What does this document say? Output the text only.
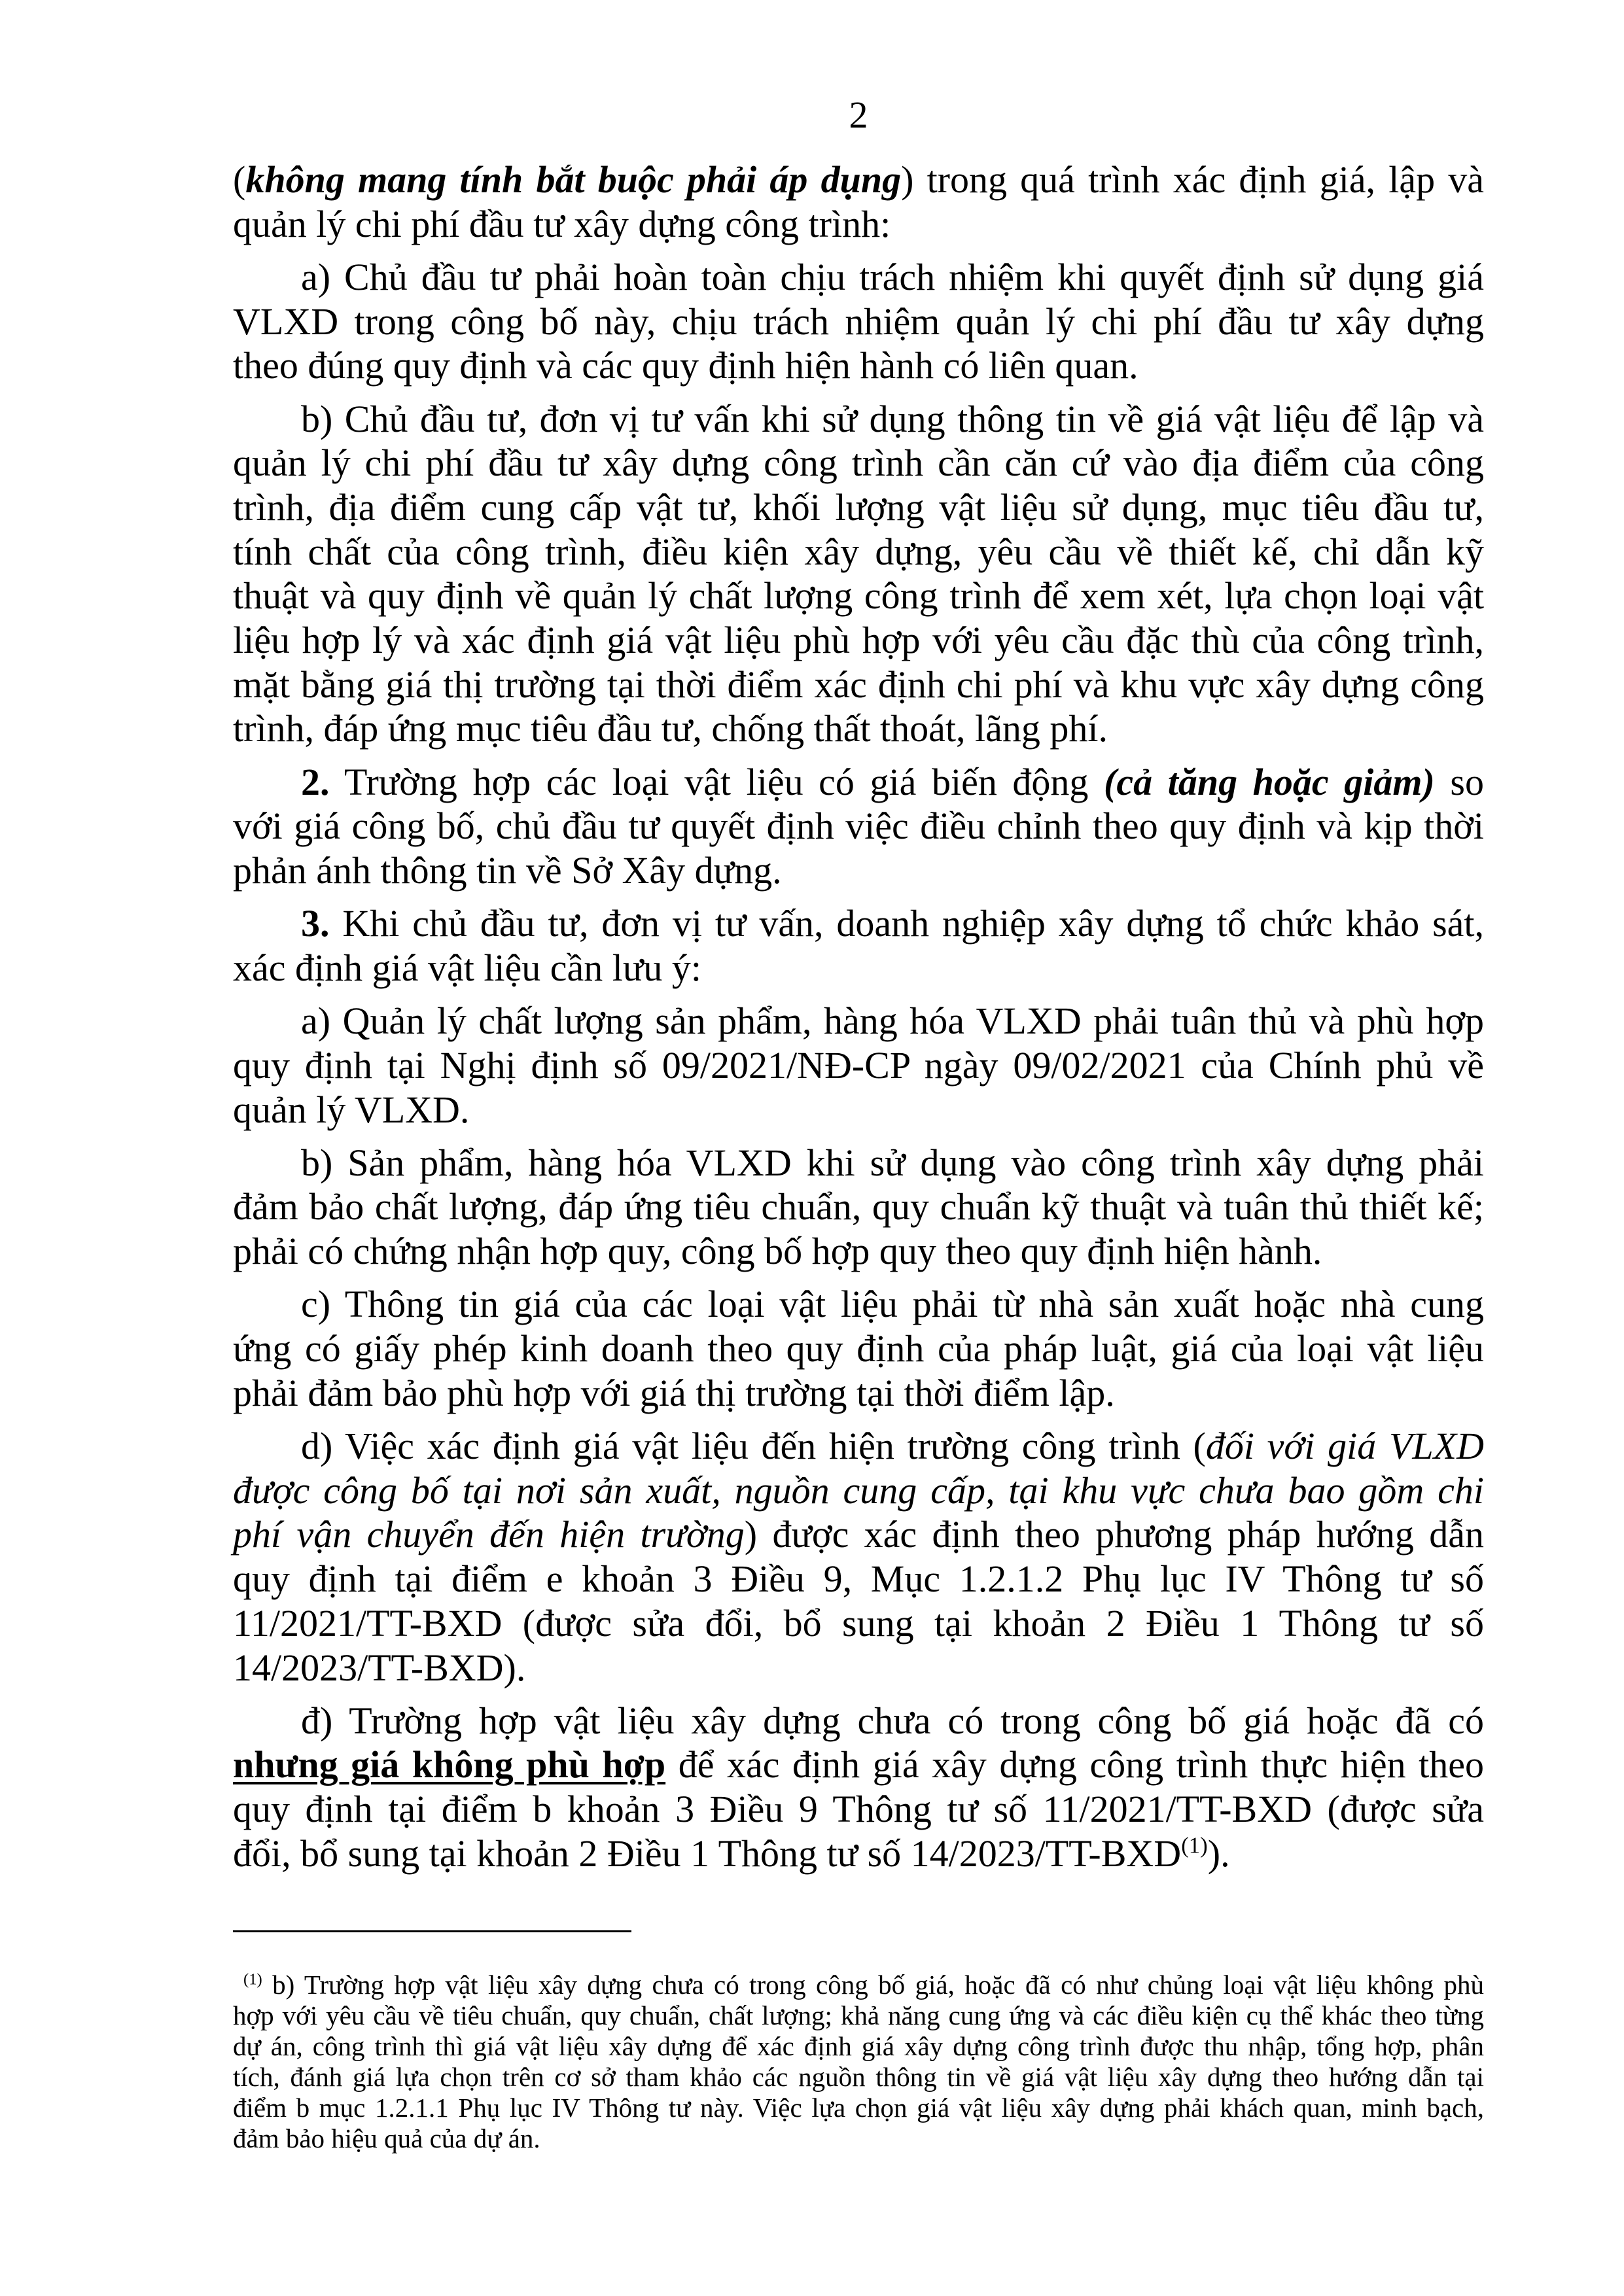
2
(không mang tính bắt buộc phải áp dụng) trong quá trình xác định giá, lập và
quản lý chi phí đầu tư xây dựng công trình:
a) Chủ đầu tư phải hoàn toàn chịu trách nhiệm khi quyết định sử dụng giá
VLXD trong công bố này, chịu trách nhiệm quản lý chi phí đầu tư xây dựng
theo đúng quy định và các quy định hiện hành có liên quan.
b) Chủ đầu tư, đơn vị tư vấn khi sử dụng thông tin về giá vật liệu để lập và
quản lý chi phí đầu tư xây dựng công trình cần căn cứ vào địa điểm của công
trình, địa điểm cung cấp vật tư, khối lượng vật liệu sử dụng, mục tiêu đầu tư,
tính chất của công trình, điều kiện xây dựng, yêu cầu về thiết kế, chỉ dẫn kỹ
thuật và quy định về quản lý chất lượng công trình để xem xét, lựa chọn loại vật
liệu hợp lý và xác định giá vật liệu phù hợp với yêu cầu đặc thù của công trình,
mặt bằng giá thị trường tại thời điểm xác định chi phí và khu vực xây dựng công
trình, đáp ứng mục tiêu đầu tư, chống thất thoát, lãng phí.
2. Trường hợp các loại vật liệu có giá biến động (cả tăng hoặc giảm) so
với giá công bố, chủ đầu tư quyết định việc điều chỉnh theo quy định và kịp thời
phản ánh thông tin về Sở Xây dựng.
3. Khi chủ đầu tư, đơn vị tư vấn, doanh nghiệp xây dựng tổ chức khảo sát,
xác định giá vật liệu cần lưu ý:
a) Quản lý chất lượng sản phẩm, hàng hóa VLXD phải tuân thủ và phù hợp
quy định tại Nghị định số 09/2021/NĐ-CP ngày 09/02/2021 của Chính phủ về
quản lý VLXD.
b) Sản phẩm, hàng hóa VLXD khi sử dụng vào công trình xây dựng phải
đảm bảo chất lượng, đáp ứng tiêu chuẩn, quy chuẩn kỹ thuật và tuân thủ thiết kế;
phải có chứng nhận hợp quy, công bố hợp quy theo quy định hiện hành.
c) Thông tin giá của các loại vật liệu phải từ nhà sản xuất hoặc nhà cung
ứng có giấy phép kinh doanh theo quy định của pháp luật, giá của loại vật liệu
phải đảm bảo phù hợp với giá thị trường tại thời điểm lập.
d) Việc xác định giá vật liệu đến hiện trường công trình (đối với giá VLXD
được công bố tại nơi sản xuất, nguồn cung cấp, tại khu vực chưa bao gồm chi
phí vận chuyển đến hiện trường) được xác định theo phương pháp hướng dẫn
quy định tại điểm e khoản 3 Điều 9, Mục 1.2.1.2 Phụ lục IV Thông tư số
11/2021/TT-BXD (được sửa đổi, bổ sung tại khoản 2 Điều 1 Thông tư số
14/2023/TT-BXD).
đ) Trường hợp vật liệu xây dựng chưa có trong công bố giá hoặc đã có
nhưng giá không phù hợp để xác định giá xây dựng công trình thực hiện theo
quy định tại điểm b khoản 3 Điều 9 Thông tư số 11/2021/TT-BXD (được sửa
đổi, bổ sung tại khoản 2 Điều 1 Thông tư số 14/2023/TT-BXD$^{(1)}$).
$^{(1)}$ b) Trường hợp vật liệu xây dựng chưa có trong công bố giá, hoặc đã có như chủng loại vật liệu không phù
hợp với yêu cầu về tiêu chuẩn, quy chuẩn, chất lượng; khả năng cung ứng và các điều kiện cụ thể khác theo từng
dự án, công trình thì giá vật liệu xây dựng để xác định giá xây dựng công trình được thu nhập, tổng hợp, phân
tích, đánh giá lựa chọn trên cơ sở tham khảo các nguồn thông tin về giá vật liệu xây dựng theo hướng dẫn tại
điểm b mục 1.2.1.1 Phụ lục IV Thông tư này. Việc lựa chọn giá vật liệu xây dựng phải khách quan, minh bạch,
đảm bảo hiệu quả của dự án.
